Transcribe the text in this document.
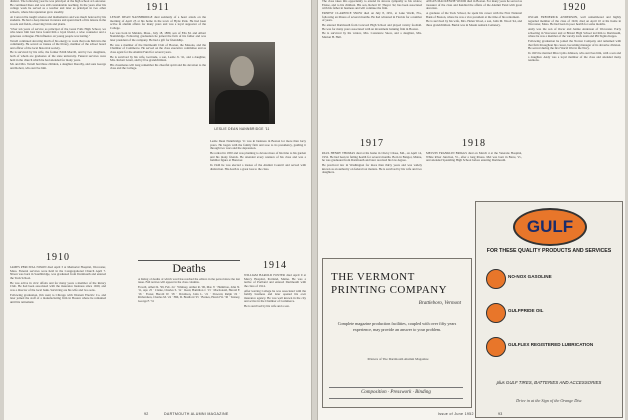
distinct. The following year he was principal of the high school at Lancaster. He continued there and was still considerable teaching. In the years after his college work he served as a teacher and later as principal in two other schools, where his reputation grew steadily.

At Concord he taught science and mathematics and was much beloved by his students. He had a deep interest in nature and spent much of his leisure in the woods and fields, observing birds and plants.

"Over ten years of service as principal of the Great Falls High School, we who knew him best have found him a loyal friend, a wise counselor and a generous colleague. His influence on young people was lasting."

Tarrell continued devoting much of his energy to work that took him into the community. He served as trustee of the library, member of the school board and officer of the local historical society.

He is survived by his wife, the former Edith Morrill, and by two daughters, both of whom are graduates of the state university. Funeral services were held in the church which he had attended for many years.

Mr. and Mrs. Tarrell had three children, a daughter Dorothy, and sons George and Robert, who survive him.

1910

JAMES PERCIVAL NIXON died April 3 at Memorial Hospital, Worcester, Mass. Funeral services were held in the Congregational Church April 7. Nixon was born in Southbridge, was graduated from Dartmouth and entered the Tuck School.

He was active in civic affairs and for many years a member of the Rotary Club. He had been associated with the insurance business since 1920, and was a director of the local bank. Surviving are his wife and two sons.

Following graduation, Jim went to Chicago with Western Electric Co. and later joined the staff of a manufacturing firm in Boston where he remained until his retirement.

1911

LESLIE DEAN NANNBRIDGE died suddenly of a heart attack on the morning of April 25 at his home in the town of Hyde Park. He had been active in alumni affairs for many years and was a loyal supporter of the College.

Les was born in Malden, Mass., July 18, 1889, son of Ella M. and Albert Nannbridge. Following graduation he joined the firm of his father and was later president of the company. He had a gift for friendship.

He was a member of the Dartmouth Club of Boston, the Masons, and the Chamber of Commerce. He served on the class executive committee and as class agent for the Alumni Fund for several years.

He is survived by his wife, Gertrude, a son, Leslie Jr. '41, and a daughter, Mrs. Robert Grant, and by five grandchildren.

His classmates will long remember his cheerful spirit and his devotion to the class and the College.

LESLIE DEAN NANNBRIDGE '11

Leslie Dean Nannbridge '11 was in business in Boston for more than forty years. He began with the family firm and rose to its presidency, guiding it through two wars and the depression.

He retired in 1950 and was planning to devote more of his time to his garden and his many friends. He attended every reunion of his class and was a familiar figure at Hanover.

In 1946 he was elected a trustee of the Alumni Council and served with distinction. His death is a great loss to the class.

Deaths

A listing of deaths of which word has reached the editors in the period since the last issue. Full notices will appear in the class columns.

Fowell, Albert R. '99, Feb. 24 · Whitney, Arthur R. '06, Mar. 8 · Hamilton, John N. '11, Apr. 25 · Clarke, Charles S. '12 · Reed, Hamilton J. '13 · Macdonald, Harold F. '16 · Foster, Harold W. '18 · Davidson, John L. '21 · Doward, Ralph '22 · Richardson, Charles M. '24 · Hill, D. Bradford '25 · Barnes, Harold W. '30 · Tenney, George F. '31

1914

WILLIAM HAROLD FOSTER died April 9 at Mercy Hospital, Portland, Maine. He was a native of Portland and entered Dartmouth with the class of 1914.

After leaving College he was associated with the family business and later opened his own insurance agency. He was well known in the city and active in the Chamber of Commerce.

He is survived by his wife and a son.

92	DARTMOUTH ALUMNI MAGAZINE

The class takes this opportunity to extend its sincere sympathy to his widow, Eloise, and to his children. His son, Robert W. Thayer '42, has been associated with his father in business and will continue the firm.

ERNEST CLARENCE SNOW died on July 8, 1951, at Lake Worth, Fla., following an illness of several months. He had wintered in Florida for a number of years.

He entered Dartmouth from Concord High School and played varsity football. He was for many years associated with an investment banking firm in Boston.

He is survived by his widow, Mrs. Constance Snow, and a daughter, Mrs. Marion H. Hall.

ANGUS MACKENZIE WOOD died in Boston. For many years he served as treasurer of the class and handled the affairs of the Alumni Fund with great devotion.

A graduate of the Tuck School, he spent his career with the First National Bank of Boston, where he was a vice president at the time of his retirement.

He is survived by his wife, Mrs. Helen Wood, a son, John M. Wood '44, and three grandchildren. Burial was in Mount Auburn Cemetery.

1917

PAUL HENRY THOMAS died at his home in Chevy Chase, Md., on April 14, 1952. He had been in failing health for several months. Born in Bangor, Maine, he was graduated from Dartmouth and later received his law degree.

He practiced law in Washington for more than thirty years and was widely known as an authority on federal tax matters. He is survived by his wife and two daughters.

1918

MELVIN FRANKLIN BRIGGS died on March 4 at the Veterans Hospital, White River Junction, Vt., after a long illness. Mel was born in Barre, Vt., and attended Spaulding High School before entering Dartmouth.

1920

OSCAR FREDERICK ANDERSON, well remembered and highly regarded member of the class of 1920, died on April 10 at his home in Worcester, Mass. He had been in poor health for some months.

Andy was the son of Oscar and Jennie Anderson of Worcester. Early schooling in Worcester and at Bristol High School led him to Dartmouth, where he was a member of the varsity track team and Phi Sigma Kappa.

Following graduation he joined the Norton Company and remained with that firm throughout his career, becoming manager of its abrasive division. He served during the first World War in the Navy.

In 1923 he married Miss Lydia Johnson, who survives him, with a son and a daughter. Andy was a loyal member of the class and attended many reunions.

THE VERMONT PRINTING COMPANY
Brattleboro, Vermont
Complete magazine production facilities, coupled with over fifty years experience, may provide an answer to your problem.
Printers of The Dartmouth Alumni Magazine
Composition · Presswork · Binding
GULF
FOR THESE QUALITY PRODUCTS AND SERVICES
NO-NOX GASOLINE
GULFPRIDE OIL
GULFLEX REGISTERED LUBRICATION
plus GULF TIRES, BATTERIES AND ACCESSORIES
Drive in at the Sign of the Orange Disc
Issue of June 1952	93
